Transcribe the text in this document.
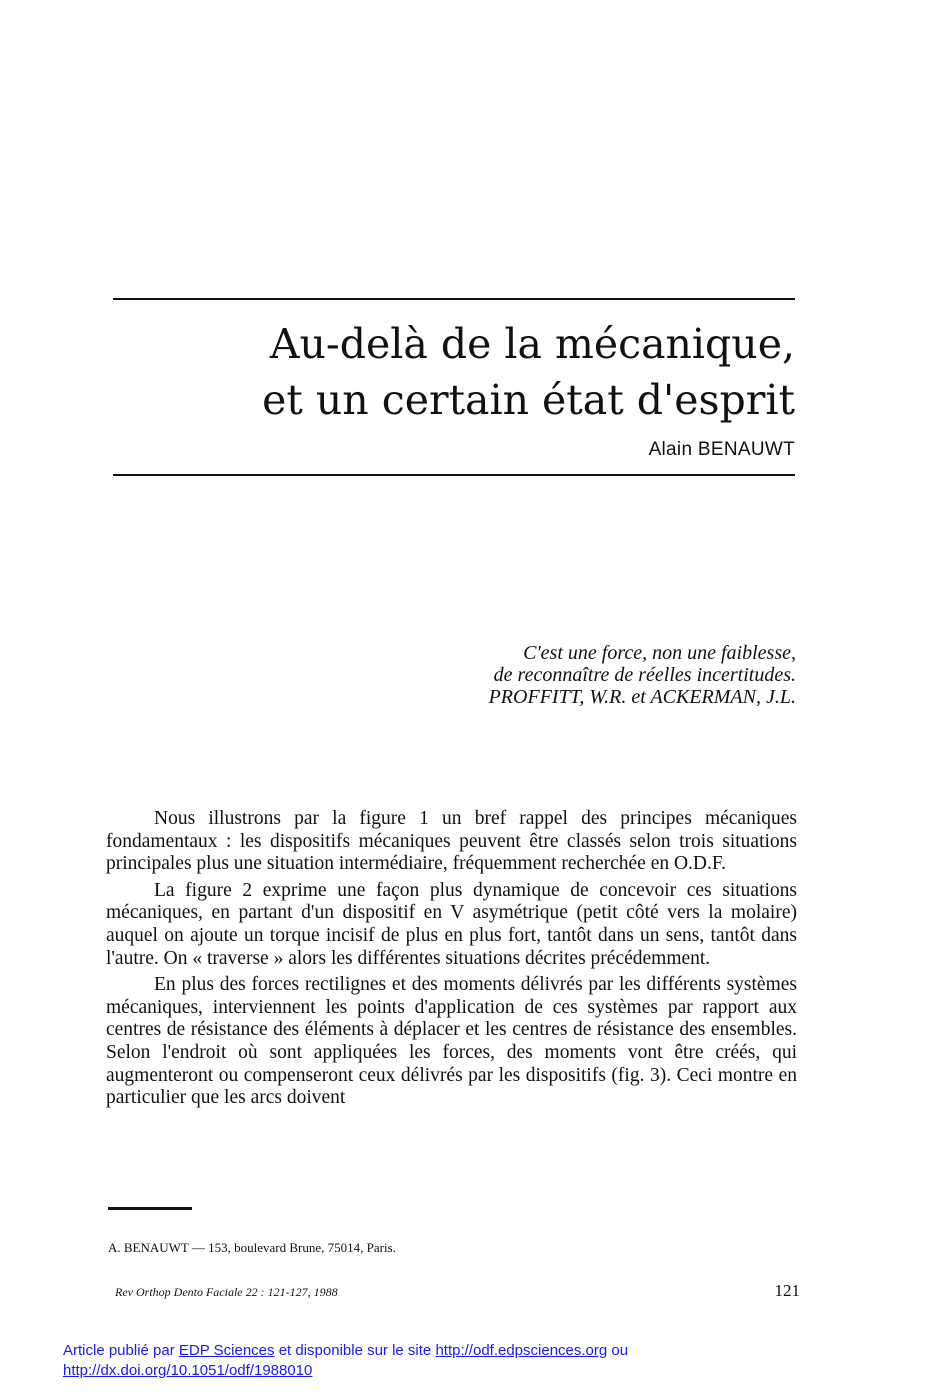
Au-delà de la mécanique,
et un certain état d'esprit
Alain BENAUWT
C'est une force, non une faiblesse,
de reconnaître de réelles incertitudes.
PROFFITT, W.R. et ACKERMAN, J.L.

Nous illustrons par la figure 1 un bref rappel des principes mécaniques fondamentaux : les dispositifs mécaniques peuvent être classés selon trois situations principales plus une situation intermédiaire, fréquemment recherchée en O.D.F.

La figure 2 exprime une façon plus dynamique de concevoir ces situations mécaniques, en partant d'un dispositif en V asymétrique (petit côté vers la molaire) auquel on ajoute un torque incisif de plus en plus fort, tantôt dans un sens, tantôt dans l'autre. On « traverse » alors les différentes situations décrites précédemment.

En plus des forces rectilignes et des moments délivrés par les différents systèmes mécaniques, interviennent les points d'application de ces systèmes par rapport aux centres de résistance des éléments à déplacer et les centres de résistance des ensembles. Selon l'endroit où sont appliquées les forces, des moments vont être créés, qui augmenteront ou compenseront ceux délivrés par les dispositifs (fig. 3). Ceci montre en particulier que les arcs doivent

A. BENAUWT — 153, boulevard Brune, 75014, Paris.
Rev Orthop Dento Faciale 22 : 121-127, 1988	121
Article publié par EDP Sciences et disponible sur le site http://odf.edpsciences.org ou
http://dx.doi.org/10.1051/odf/1988010
